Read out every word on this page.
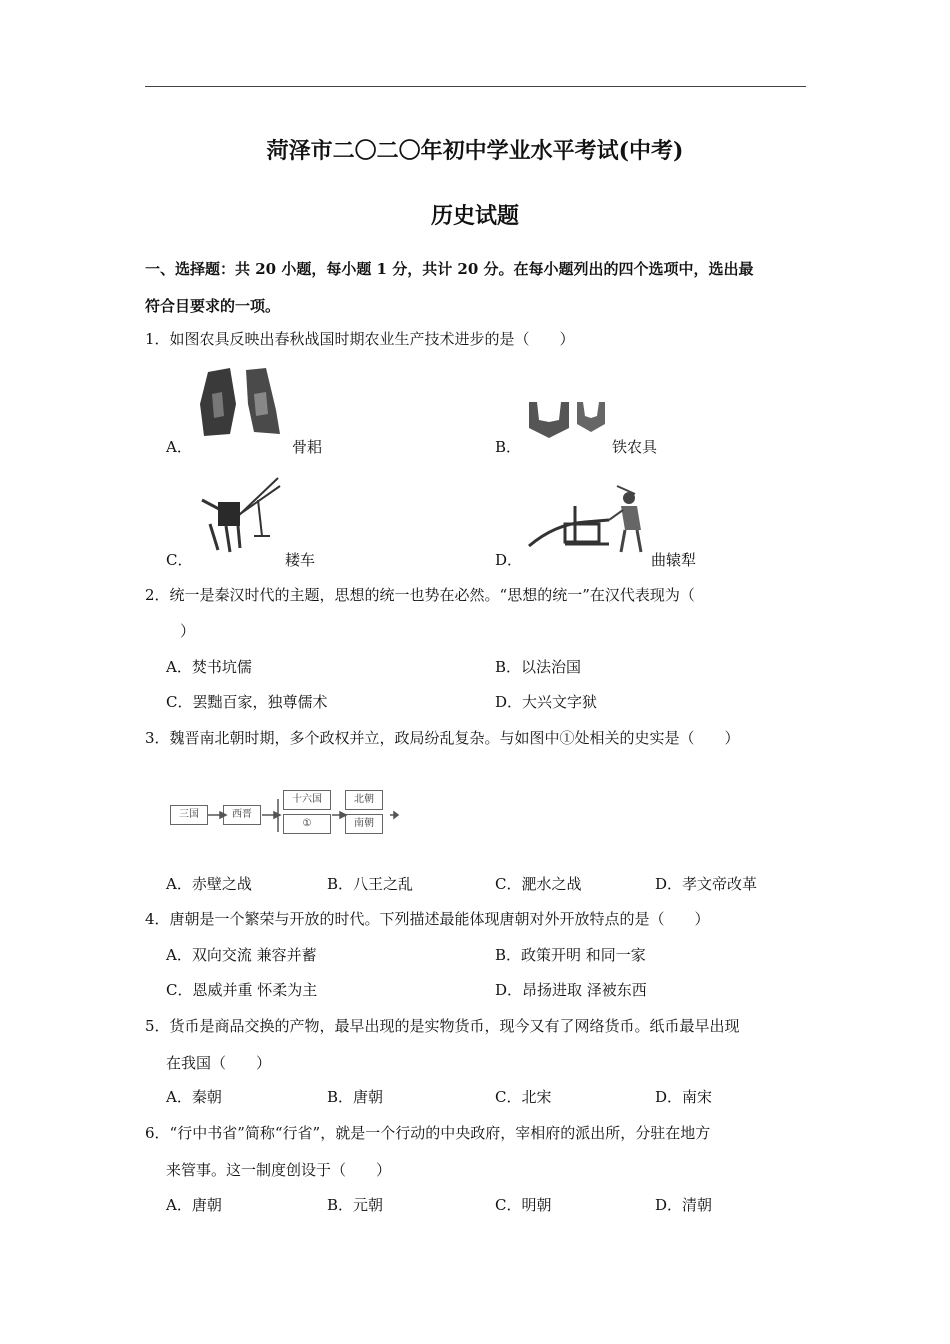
菏泽市二〇二〇年初中学业水平考试(中考)
历史试题
一、选择题：共 20 小题，每小题 1 分，共计 20 分。在每小题列出的四个选项中，选出最
符合目要求的一项。
1．如图农具反映出春秋战国时期农业生产技术进步的是（　　）
A．	骨耜	B．	铁农具
C．	耧车	D．	曲辕犁
2．统一是秦汉时代的主题，思想的统一也势在必然。“思想的统一”在汉代表现为（
）
A．焚书坑儒	B．以法治国
C．罢黜百家，独尊儒术	D．大兴文字狱
3．魏晋南北朝时期，多个政权并立，政局纷乱复杂。与如图中①处相关的史实是（　　）
三国	西晋
十六国
①
北朝
南朝
A．赤壁之战	B．八王之乱	C．淝水之战	D．孝文帝改革
4．唐朝是一个繁荣与开放的时代。下列描述最能体现唐朝对外开放特点的是（　　）
A．双向交流 兼容并蓄	B．政策开明 和同一家
C．恩威并重 怀柔为主	D．昂扬进取 泽被东西
5．货币是商品交换的产物，最早出现的是实物货币，现今又有了网络货币。纸币最早出现
在我国（　　）
A．秦朝	B．唐朝	C．北宋	D．南宋
6．“行中书省”简称“行省”，就是一个行动的中央政府，宰相府的派出所，分驻在地方
来管事。这一制度创设于（　　）
A．唐朝	B．元朝	C．明朝	D．清朝
